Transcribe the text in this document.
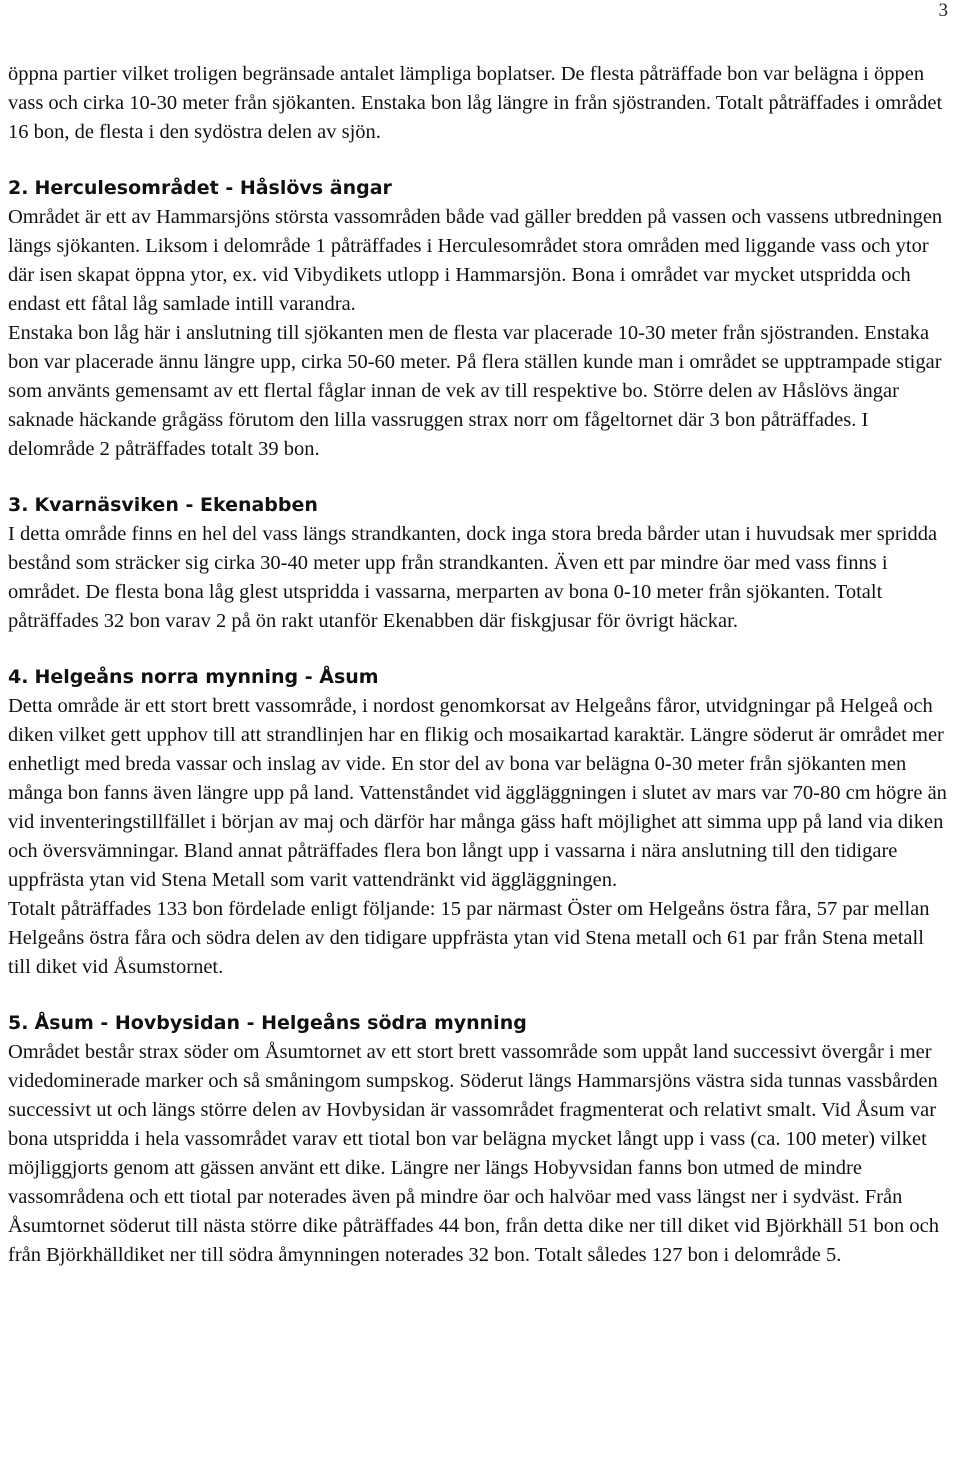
3

öppna partier vilket troligen begränsade antalet lämpliga boplatser. De flesta påträffade bon var belägna i öppen vass och cirka 10-30 meter från sjökanten. Enstaka bon låg längre in från sjöstranden. Totalt påträffades i området 16 bon, de flesta i den sydöstra delen av sjön.

2. Herculesområdet - Håslövs ängar

Området är ett av Hammarsjöns största vassområden både vad gäller bredden på vassen och vassens utbredningen längs sjökanten. Liksom i delområde 1 påträffades i Herculesområdet stora områden med liggande vass och ytor där isen skapat öppna ytor, ex. vid Vibydikets utlopp i Hammarsjön. Bona i området var mycket utspridda och endast ett fåtal låg samlade intill varandra.

Enstaka bon låg här i anslutning till sjökanten men de flesta var placerade 10-30 meter från sjöstranden. Enstaka bon var placerade ännu längre upp, cirka 50-60 meter. På flera ställen kunde man i området se upptrampade stigar som använts gemensamt av ett flertal fåglar innan de vek av till respektive bo. Större delen av Håslövs ängar saknade häckande grågäss förutom den lilla vassruggen strax norr om fågeltornet där 3 bon påträffades. I delområde 2 påträffades totalt 39 bon.

3. Kvarnäsviken - Ekenabben

I detta område finns en hel del vass längs strandkanten, dock inga stora breda bårder utan i huvudsak mer spridda bestånd som sträcker sig cirka 30-40 meter upp från strandkanten. Även ett par mindre öar med vass finns i området. De flesta bona låg glest utspridda i vassarna, merparten av bona 0-10 meter från sjökanten. Totalt påträffades 32 bon varav 2 på ön rakt utanför Ekenabben där fiskgjusar för övrigt häckar.

4. Helgeåns norra mynning - Åsum

Detta område är ett stort brett vassområde, i nordost genomkorsat av Helgeåns fåror, utvidgningar på Helgeå och diken vilket gett upphov till att strandlinjen har en flikig och mosaikartad karaktär. Längre söderut är området mer enhetligt med breda vassar och inslag av vide. En stor del av bona var belägna 0-30 meter från sjökanten men många bon fanns även längre upp på land. Vattenståndet vid äggläggningen i slutet av mars var 70-80 cm högre än vid inventeringstillfället i början av maj och därför har många gäss haft möjlighet att simma upp på land via diken och översvämningar. Bland annat påträffades flera bon långt upp i vassarna i nära anslutning till den tidigare uppfrästa ytan vid Stena Metall som varit vattendränkt vid äggläggningen.

Totalt påträffades 133 bon fördelade enligt följande: 15 par närmast Öster om Helgeåns östra fåra, 57 par mellan Helgeåns östra fåra och södra delen av den tidigare uppfrästa ytan vid Stena metall och 61 par från Stena metall till diket vid Åsumstornet.

5. Åsum - Hovbysidan - Helgeåns södra mynning

Området består strax söder om Åsumtornet av ett stort brett vassområde som uppåt land successivt övergår i mer videdominerade marker och så småningom sumpskog. Söderut längs Hammarsjöns västra sida tunnas vassbården successivt ut och längs större delen av Hovbysidan är vassområdet fragmenterat och relativt smalt. Vid Åsum var bona utspridda i hela vassområdet varav ett tiotal bon var belägna mycket långt upp i vass (ca. 100 meter) vilket möjliggjorts genom att gässen använt ett dike. Längre ner längs Hobyvsidan fanns bon utmed de mindre vassområdena och ett tiotal par noterades även på mindre öar och halvöar med vass längst ner i sydväst. Från Åsumtornet söderut till nästa större dike påträffades 44 bon, från detta dike ner till diket vid Björkhäll 51 bon och från Björkhälldiket ner till södra åmynningen noterades 32 bon. Totalt således 127 bon i delområde 5.
